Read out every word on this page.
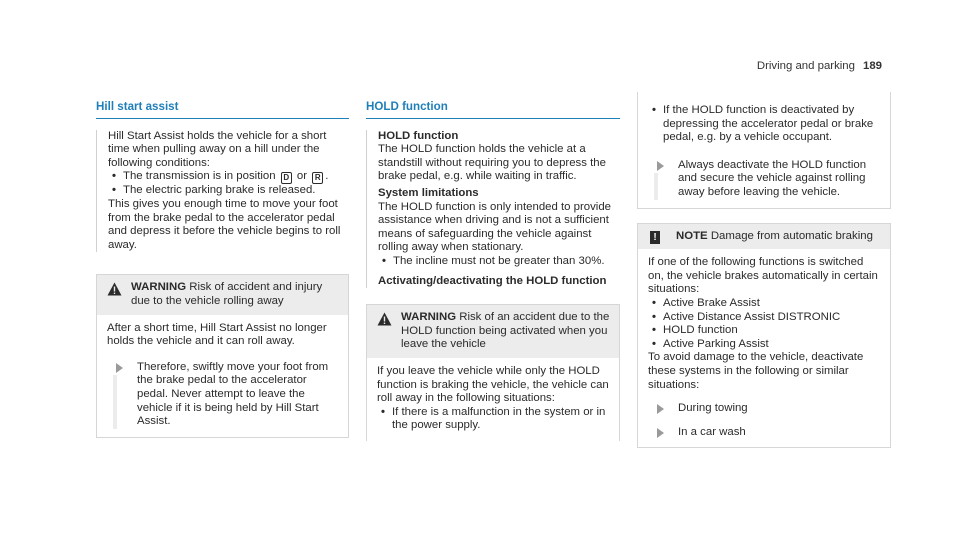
Driving and parking 189
Hill start assist

Hill Start Assist holds the vehicle for a short time when pulling away on a hill under the following conditions:

• The transmission is in position D or R .
• The electric parking brake is released.

This gives you enough time to move your foot from the brake pedal to the accelerator pedal and depress it before the vehicle begins to roll away.

WARNING Risk of accident and injury due to the vehicle rolling away

After a short time, Hill Start Assist no longer holds the vehicle and it can roll away.

Therefore, swiftly move your foot from the brake pedal to the accelerator pedal. Never attempt to leave the vehicle if it is being held by Hill Start Assist.
HOLD function

HOLD function

The HOLD function holds the vehicle at a standstill without requiring you to depress the brake pedal, e.g. while waiting in traffic.

System limitations

The HOLD function is only intended to provide assistance when driving and is not a sufficient means of safeguarding the vehicle against rolling away when stationary.

• The incline must not be greater than 30%.

Activating/deactivating the HOLD function

WARNING Risk of an accident due to the HOLD function being activated when you leave the vehicle

If you leave the vehicle while only the HOLD function is braking the vehicle, the vehicle can roll away in the following situations:

• If there is a malfunction in the system or in the power supply.
• If the HOLD function is deactivated by depressing the accelerator pedal or brake pedal, e.g. by a vehicle occupant.
Always deactivate the HOLD function and secure the vehicle against rolling away before leaving the vehicle.
! NOTE Damage from automatic braking

If one of the following functions is switched on, the vehicle brakes automatically in certain situations:

• Active Brake Assist
• Active Distance Assist DISTRONIC
• HOLD function
• Active Parking Assist

To avoid damage to the vehicle, deactivate these systems in the following or similar situations:

During towing
In a car wash
